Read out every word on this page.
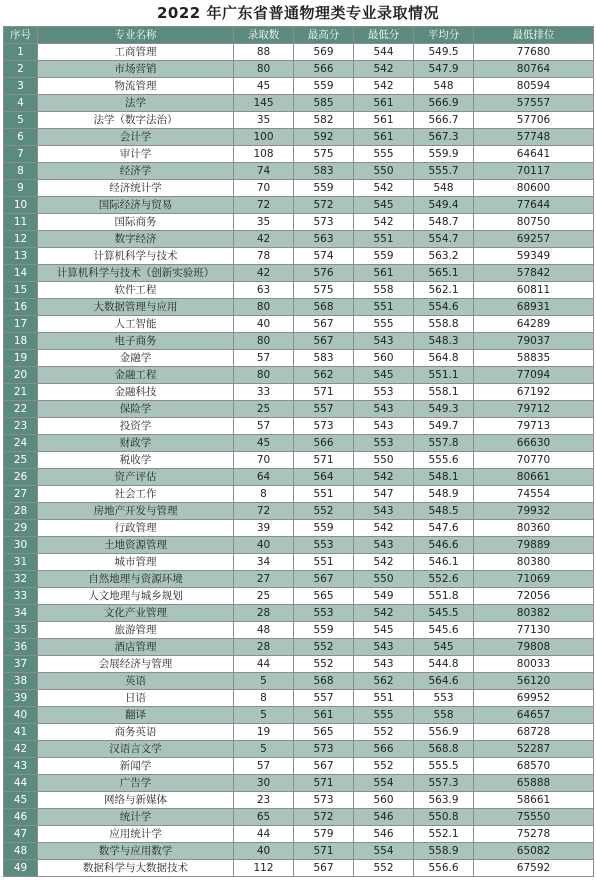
2022 年广东省普通物理类专业录取情况
序号	专业名称	录取数	最高分	最低分	平均分	最低排位
1	工商管理	88	569	544	549.5	77680
2	市场营销	80	566	542	547.9	80764
3	物流管理	45	559	542	548	80594
4	法学	145	585	561	566.9	57557
5	法学（数字法治）	35	582	561	566.7	57706
6	会计学	100	592	561	567.3	57748
7	审计学	108	575	555	559.9	64641
8	经济学	74	583	550	555.7	70117
9	经济统计学	70	559	542	548	80600
10	国际经济与贸易	72	572	545	549.4	77644
11	国际商务	35	573	542	548.7	80750
12	数字经济	42	563	551	554.7	69257
13	计算机科学与技术	78	574	559	563.2	59349
14	计算机科学与技术（创新实验班）	42	576	561	565.1	57842
15	软件工程	63	575	558	562.1	60811
16	大数据管理与应用	80	568	551	554.6	68931
17	人工智能	40	567	555	558.8	64289
18	电子商务	80	567	543	548.3	79037
19	金融学	57	583	560	564.8	58835
20	金融工程	80	562	545	551.1	77094
21	金融科技	33	571	553	558.1	67192
22	保险学	25	557	543	549.3	79712
23	投资学	57	573	543	549.7	79713
24	财政学	45	566	553	557.8	66630
25	税收学	70	571	550	555.6	70770
26	资产评估	64	564	542	548.1	80661
27	社会工作	8	551	547	548.9	74554
28	房地产开发与管理	72	552	543	548.5	79932
29	行政管理	39	559	542	547.6	80360
30	土地资源管理	40	553	543	546.6	79889
31	城市管理	34	551	542	546.1	80380
32	自然地理与资源环境	27	567	550	552.6	71069
33	人文地理与城乡规划	25	565	549	551.8	72056
34	文化产业管理	28	553	542	545.5	80382
35	旅游管理	48	559	545	545.6	77130
36	酒店管理	28	552	543	545	79808
37	会展经济与管理	44	552	543	544.8	80033
38	英语	5	568	562	564.6	56120
39	日语	8	557	551	553	69952
40	翻译	5	561	555	558	64657
41	商务英语	19	565	552	556.9	68728
42	汉语言文学	5	573	566	568.8	52287
43	新闻学	57	567	552	555.5	68570
44	广告学	30	571	554	557.3	65888
45	网络与新媒体	23	573	560	563.9	58661
46	统计学	65	572	546	550.8	75550
47	应用统计学	44	579	546	552.1	75278
48	数学与应用数学	40	571	554	558.9	65082
49	数据科学与大数据技术	112	567	552	556.6	67592
